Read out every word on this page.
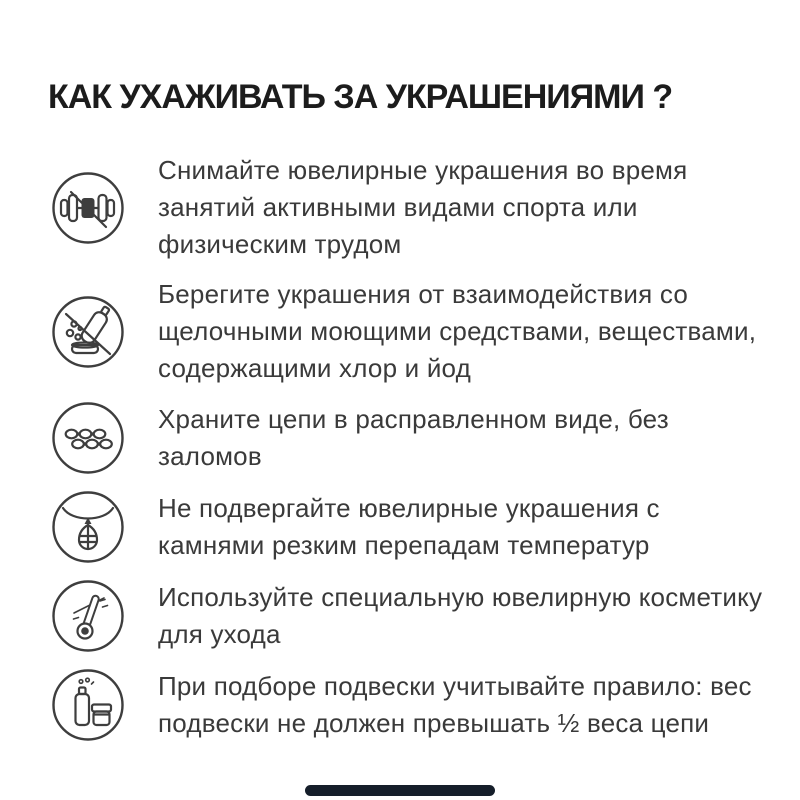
КАК УХАЖИВАТЬ ЗА УКРАШЕНИЯМИ ?
Снимайте ювелирные украшения во время
занятий активными видами спорта или
физическим трудом
Берегите украшения от взаимодействия со
щелочными моющими средствами, веществами,
содержащими хлор и йод
Храните цепи в расправленном виде, без
заломов
Не подвергайте ювелирные украшения с
камнями резким перепадам температур
Используйте специальную ювелирную косметику
для ухода
При подборе подвески учитывайте правило: вес
подвески не должен превышать ½ веса цепи
